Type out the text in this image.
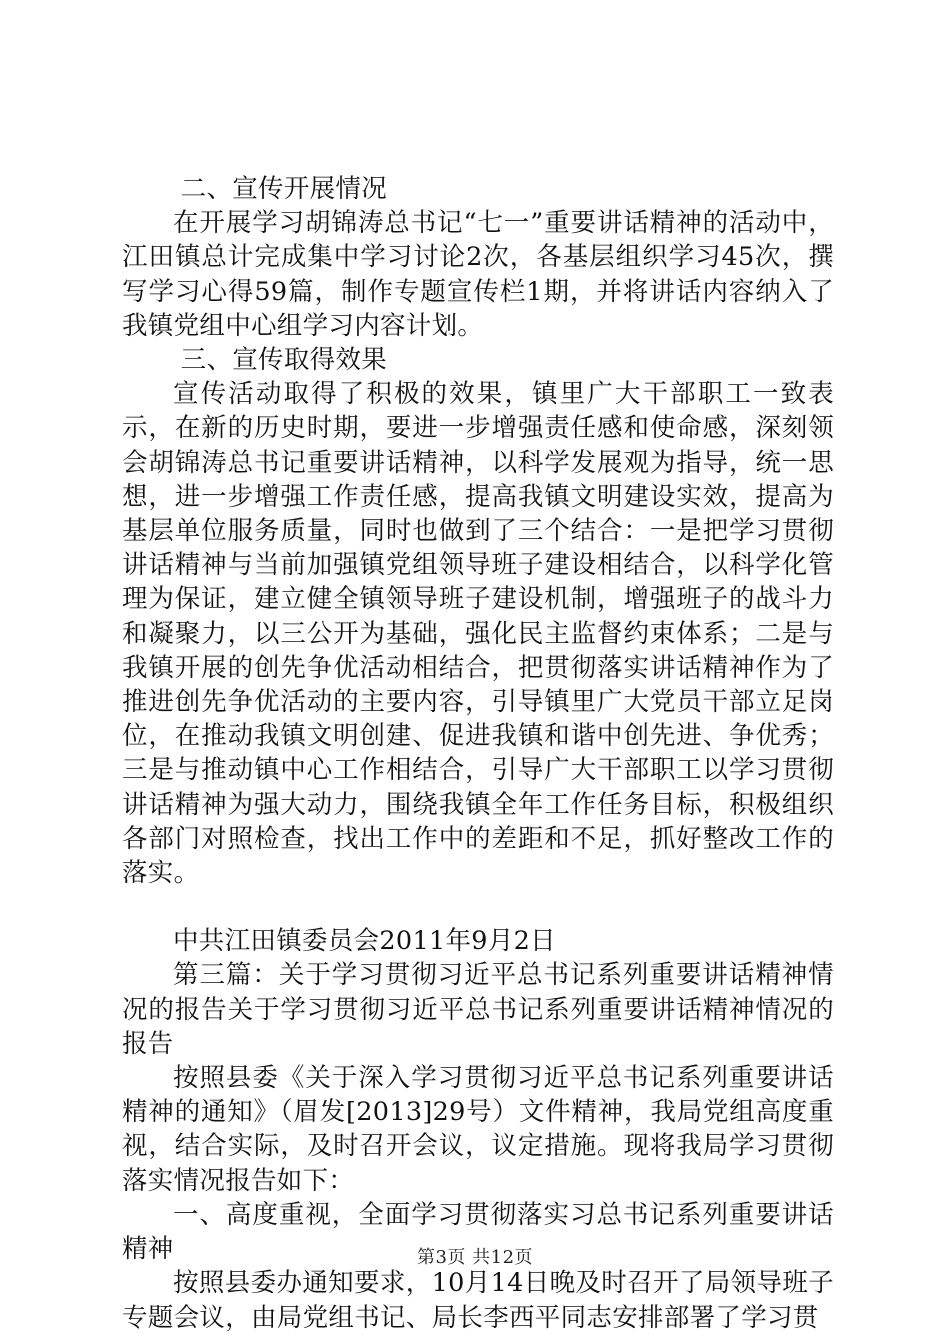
二、宣传开展情况

在开展学习胡锦涛总书记“七一”重要讲话精神的活动中，江田镇总计完成集中学习讨论2次，各基层组织学习45次，撰写学习心得59篇，制作专题宣传栏1期，并将讲话内容纳入了我镇党组中心组学习内容计划。

三、宣传取得效果

宣传活动取得了积极的效果，镇里广大干部职工一致表示，在新的历史时期，要进一步增强责任感和使命感，深刻领会胡锦涛总书记重要讲话精神，以科学发展观为指导，统一思想，进一步增强工作责任感，提高我镇文明建设实效，提高为基层单位服务质量，同时也做到了三个结合：一是把学习贯彻讲话精神与当前加强镇党组领导班子建设相结合，以科学化管理为保证，建立健全镇领导班子建设机制，增强班子的战斗力和凝聚力，以三公开为基础，强化民主监督约束体系；二是与我镇开展的创先争优活动相结合，把贯彻落实讲话精神作为了推进创先争优活动的主要内容，引导镇里广大党员干部立足岗位，在推动我镇文明创建、促进我镇和谐中创先进、争优秀；三是与推动镇中心工作相结合，引导广大干部职工以学习贯彻讲话精神为强大动力，围绕我镇全年工作任务目标，积极组织各部门对照检查，找出工作中的差距和不足，抓好整改工作的落实。

中共江田镇委员会2011年9月2日

第三篇：关于学习贯彻习近平总书记系列重要讲话精神情况的报告关于学习贯彻习近平总书记系列重要讲话精神情况的报告

按照县委《关于深入学习贯彻习近平总书记系列重要讲话精神的通知》（眉发[2013]29号）文件精神，我局党组高度重视，结合实际，及时召开会议，议定措施。现将我局学习贯彻落实情况报告如下：

一、高度重视，全面学习贯彻落实习总书记系列重要讲话精神

按照县委办通知要求，10月14日晚及时召开了局领导班子专题会议，由局党组书记、局长李西平同志安排部署了学习贯

第3页 共12页
